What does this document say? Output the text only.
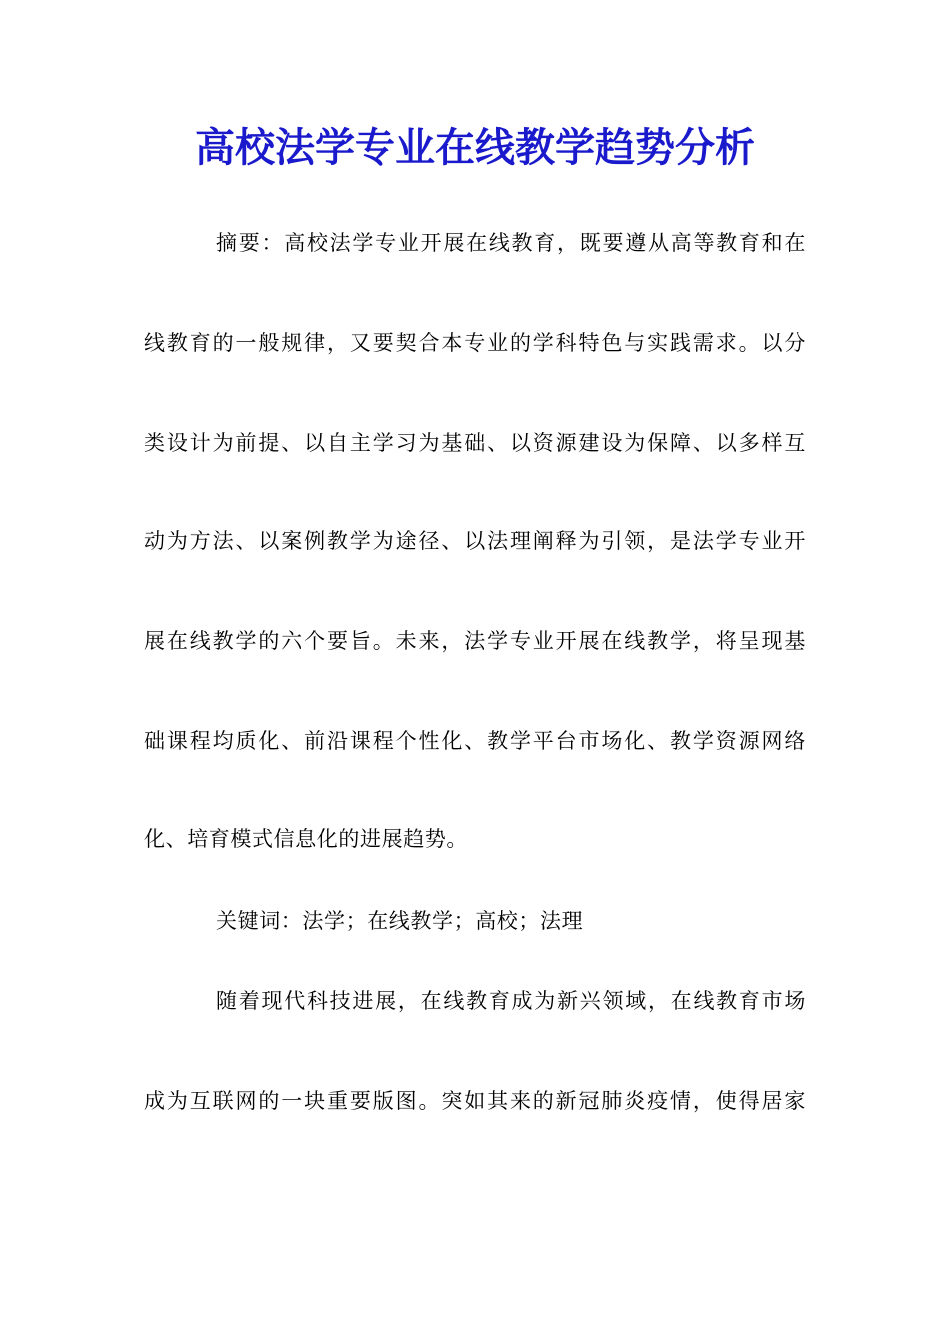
高校法学专业在线教学趋势分析
摘要：高校法学专业开展在线教育，既要遵从高等教育和在
线教育的一般规律，又要契合本专业的学科特色与实践需求。以分
类设计为前提、以自主学习为基础、以资源建设为保障、以多样互
动为方法、以案例教学为途径、以法理阐释为引领，是法学专业开
展在线教学的六个要旨。未来，法学专业开展在线教学，将呈现基
础课程均质化、前沿课程个性化、教学平台市场化、教学资源网络
化、培育模式信息化的进展趋势。
关键词：法学；在线教学；高校；法理
随着现代科技进展，在线教育成为新兴领域，在线教育市场
成为互联网的一块重要版图。突如其来的新冠肺炎疫情，使得居家
